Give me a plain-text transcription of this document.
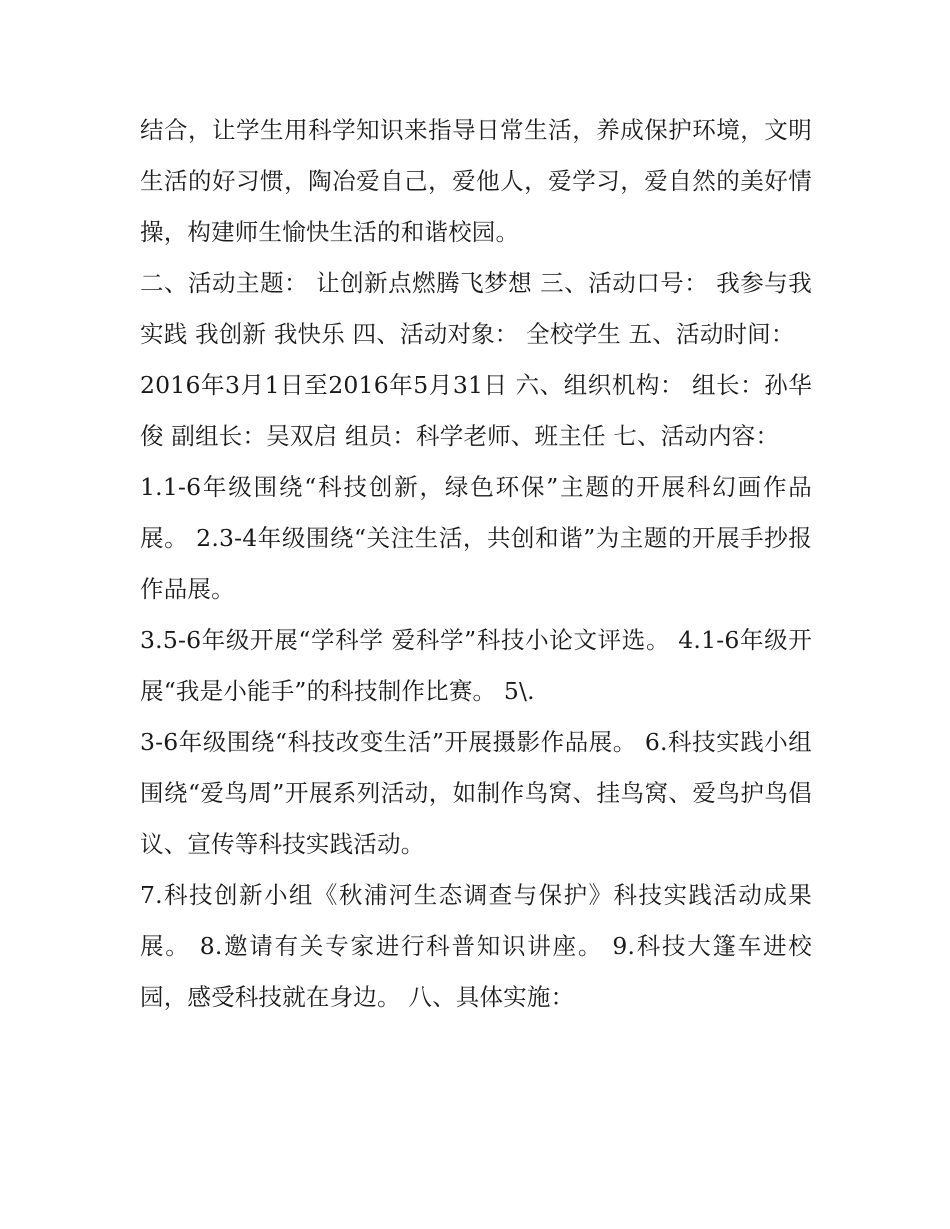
结合，让学生用科学知识来指导日常生活，养成保护环境，文明生活的好习惯，陶冶爱自己，爱他人，爱学习，爱自然的美好情操，构建师生愉快生活的和谐校园。

二、活动主题： 让创新点燃腾飞梦想 三、活动口号： 我参与我实践 我创新 我快乐 四、活动对象： 全校学生 五、活动时间：

2016年3月1日至2016年5月31日 六、组织机构： 组长：孙华俊 副组长：吴双启 组员：科学老师、班主任 七、活动内容：

1.1-6年级围绕“科技创新，绿色环保”主题的开展科幻画作品展。 2.3-4年级围绕“关注生活，共创和谐”为主题的开展手抄报作品展。

3.5-6年级开展“学科学 爱科学”科技小论文评选。 4.1-6年级开展“我是小能手”的科技制作比赛。 5\.

3-6年级围绕“科技改变生活”开展摄影作品展。 6.科技实践小组围绕“爱鸟周”开展系列活动，如制作鸟窝、挂鸟窝、爱鸟护鸟倡议、宣传等科技实践活动。

7.科技创新小组《秋浦河生态调查与保护》科技实践活动成果展。 8.邀请有关专家进行科普知识讲座。 9.科技大篷车进校园，感受科技就在身边。 八、具体实施：
